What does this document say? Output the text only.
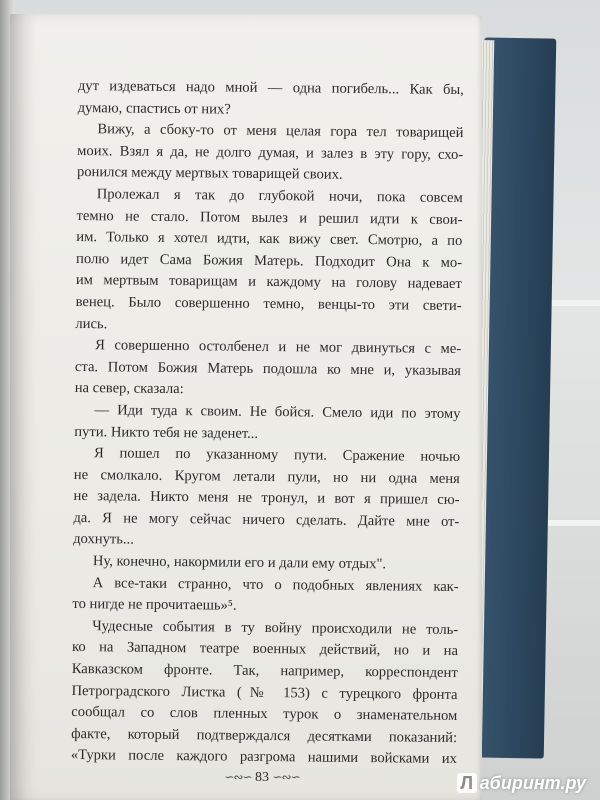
дут издеваться надо мной — одна погибель... Как бы,
думаю, спастись от них?
Вижу, а сбоку-то от меня целая гора тел товарищей
моих. Взял я да, не долго думая, и залез в эту гору, схо-
ронился между мертвых товарищей своих.
Пролежал я так до глубокой ночи, пока совсем
темно не стало. Потом вылез и решил идти к свои-
им. Только я хотел идти, как вижу свет. Смотрю, а по
полю идет Сама Божия Матерь. Подходит Она к мо-
им мертвым товарищам и каждому на голову надевает
венец. Было совершенно темно, венцы-то эти свети-
лись.
Я совершенно остолбенел и не мог двинуться с ме-
ста. Потом Божия Матерь подошла ко мне и, указывая
на север, сказала:
— Иди туда к своим. Не бойся. Смело иди по этому
пути. Никто тебя не заденет...
Я пошел по указанному пути. Сражение ночью
не смолкало. Кругом летали пули, но ни одна меня
не задела. Никто меня не тронул, и вот я пришел сю-
да. Я не могу сейчас ничего сделать. Дайте мне от-
дохнуть...
Ну, конечно, накормили его и дали ему отдых".
А все-таки странно, что о подобных явлениях как-
то нигде не прочитаешь»⁵.
Чудесные события в ту войну происходили не толь-
ко на Западном театре военных действий, но и на
Кавказском фронте. Так, например, корреспондент
Петроградского Листка (№ 153) с турецкого фронта
сообщал со слов пленных турок о знаменательном
факте, который подтверждался десятками показаний:
«Турки после каждого разгрома нашими войсками их
∽∾∽ 83 ∽∾∽	Л абиринт.ру
